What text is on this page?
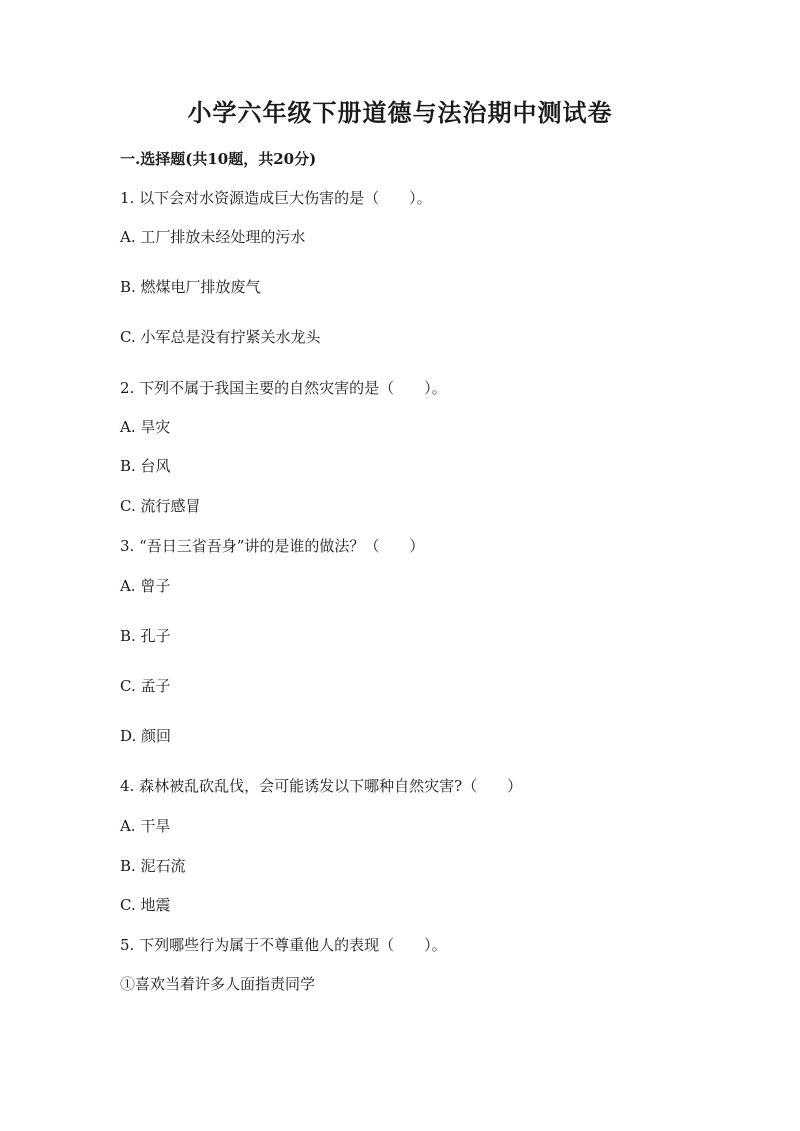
小学六年级下册道德与法治期中测试卷
一.选择题(共10题，共20分)
1. 以下会对水资源造成巨大伤害的是（　　）。
A. 工厂排放未经处理的污水
B. 燃煤电厂排放废气
C. 小军总是没有拧紧关水龙头
2. 下列不属于我国主要的自然灾害的是（　　）。
A. 旱灾
B. 台风
C. 流行感冒
3. “吾日三省吾身”讲的是谁的做法？（　　）
A. 曾子
B. 孔子
C. 孟子
D. 颜回
4. 森林被乱砍乱伐，会可能诱发以下哪种自然灾害?（　　）
A. 干旱
B. 泥石流
C. 地震
5. 下列哪些行为属于不尊重他人的表现（　　）。
①喜欢当着许多人面指责同学
